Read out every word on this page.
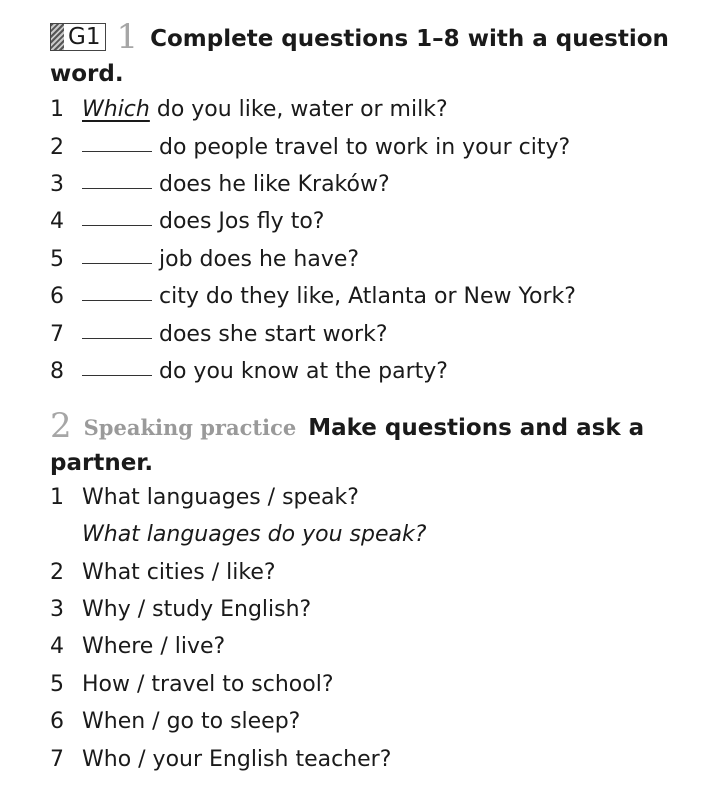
G1 1 Complete questions 1–8 with a question
word.
1 Which do you like, water or milk?
2	do people travel to work in your city?
3	does he like Kraków?
4	does Jos fly to?
5	job does he have?
6	city do they like, Atlanta or New York?
7	does she start work?
8	do you know at the party?
2 Speaking practice Make questions and ask a
partner.
1 What languages / speak?
What languages do you speak?
2 What cities / like?
3 Why / study English?
4 Where / live?
5 How / travel to school?
6 When / go to sleep?
7 Who / your English teacher?
